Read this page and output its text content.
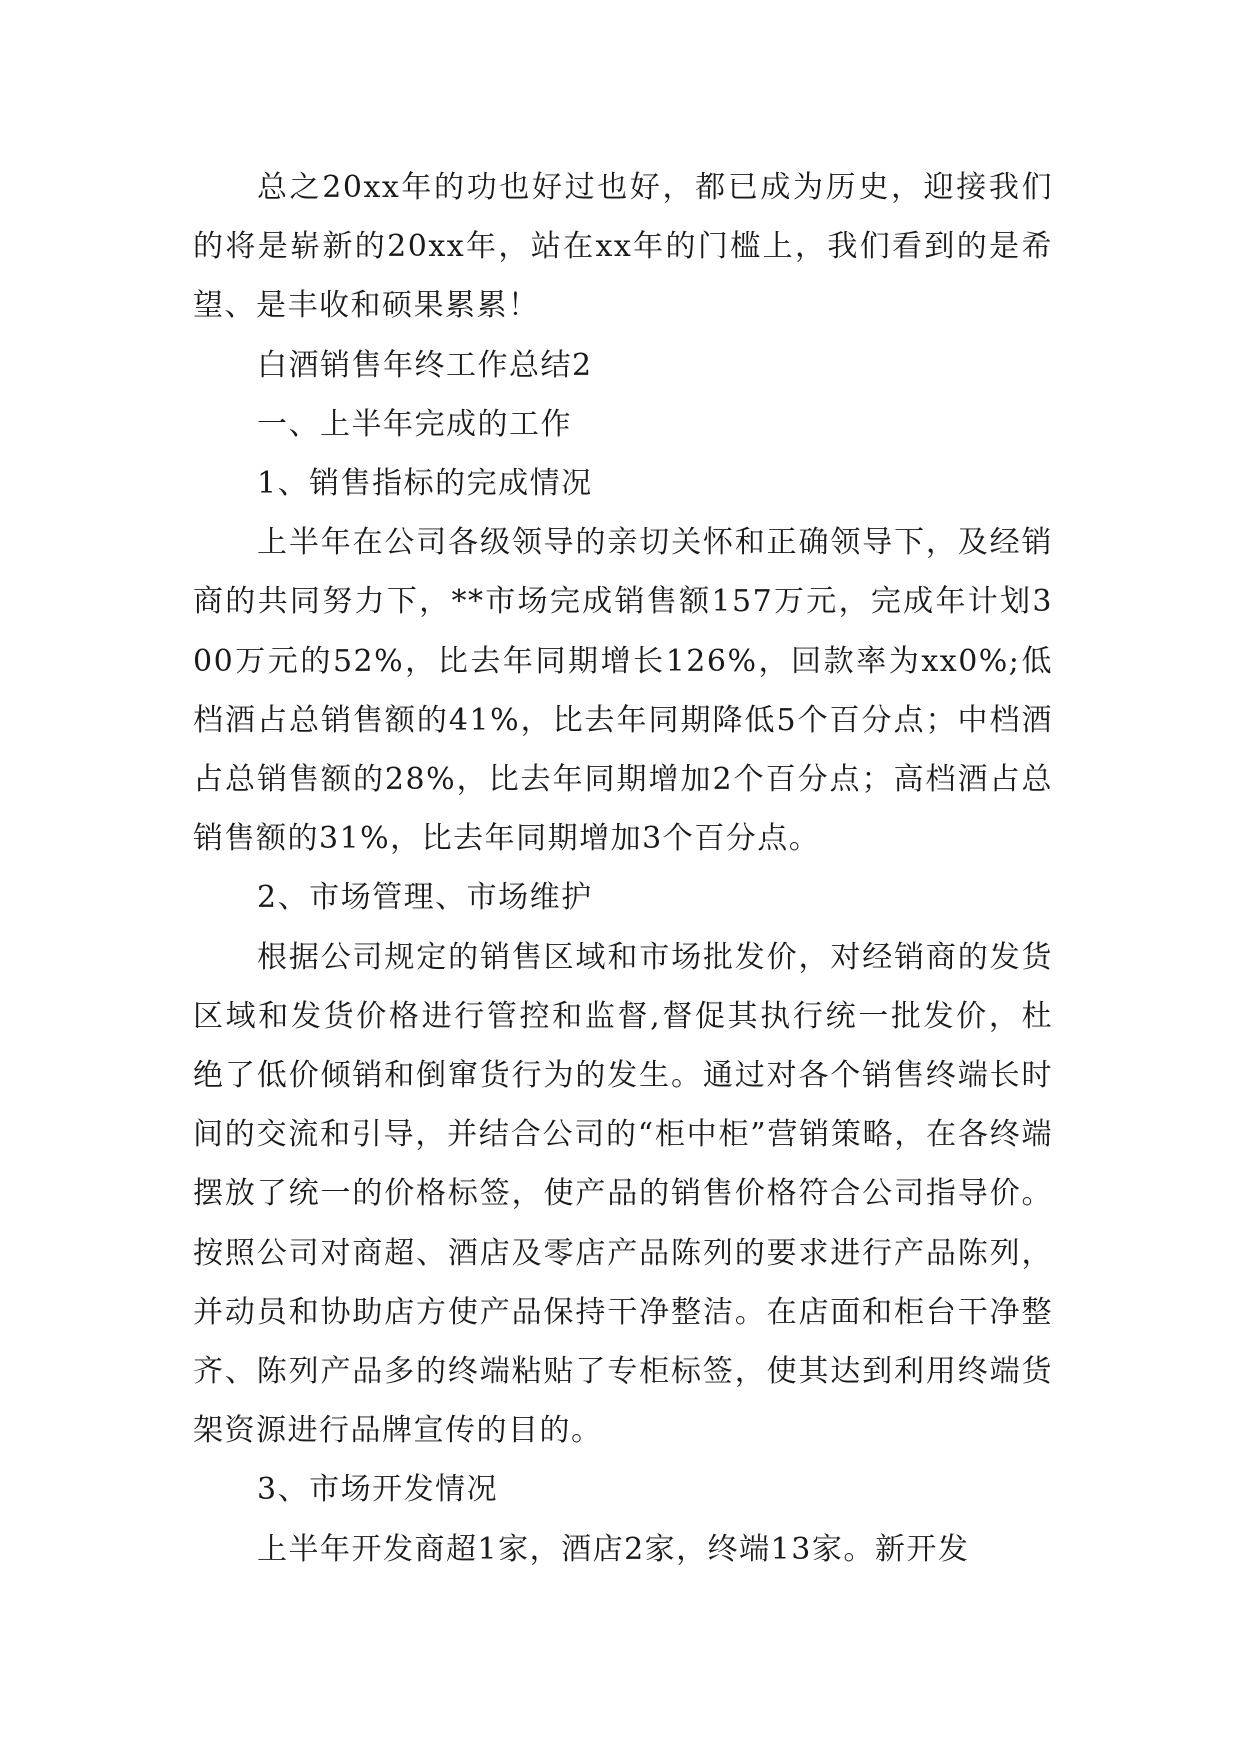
总之20xx年的功也好过也好，都已成为历史，迎接我们的将是崭新的20xx年，站在xx年的门槛上，我们看到的是希望、是丰收和硕果累累！

白酒销售年终工作总结2

一、上半年完成的工作

1、销售指标的完成情况

上半年在公司各级领导的亲切关怀和正确领导下，及经销商的共同努力下，**市场完成销售额157万元，完成年计划300万元的52%，比去年同期增长126%，回款率为xx0%;低档酒占总销售额的41%，比去年同期降低5个百分点；中档酒占总销售额的28%，比去年同期增加2个百分点；高档酒占总销售额的31%，比去年同期增加3个百分点。

2、市场管理、市场维护

根据公司规定的销售区域和市场批发价，对经销商的发货区域和发货价格进行管控和监督,督促其执行统一批发价，杜绝了低价倾销和倒窜货行为的发生。通过对各个销售终端长时间的交流和引导，并结合公司的“柜中柜”营销策略，在各终端摆放了统一的价格标签，使产品的销售价格符合公司指导价。按照公司对商超、酒店及零店产品陈列的要求进行产品陈列，并动员和协助店方使产品保持干净整洁。在店面和柜台干净整齐、陈列产品多的终端粘贴了专柜标签，使其达到利用终端货架资源进行品牌宣传的目的。

3、市场开发情况

上半年开发商超1家，酒店2家，终端13家。新开发
